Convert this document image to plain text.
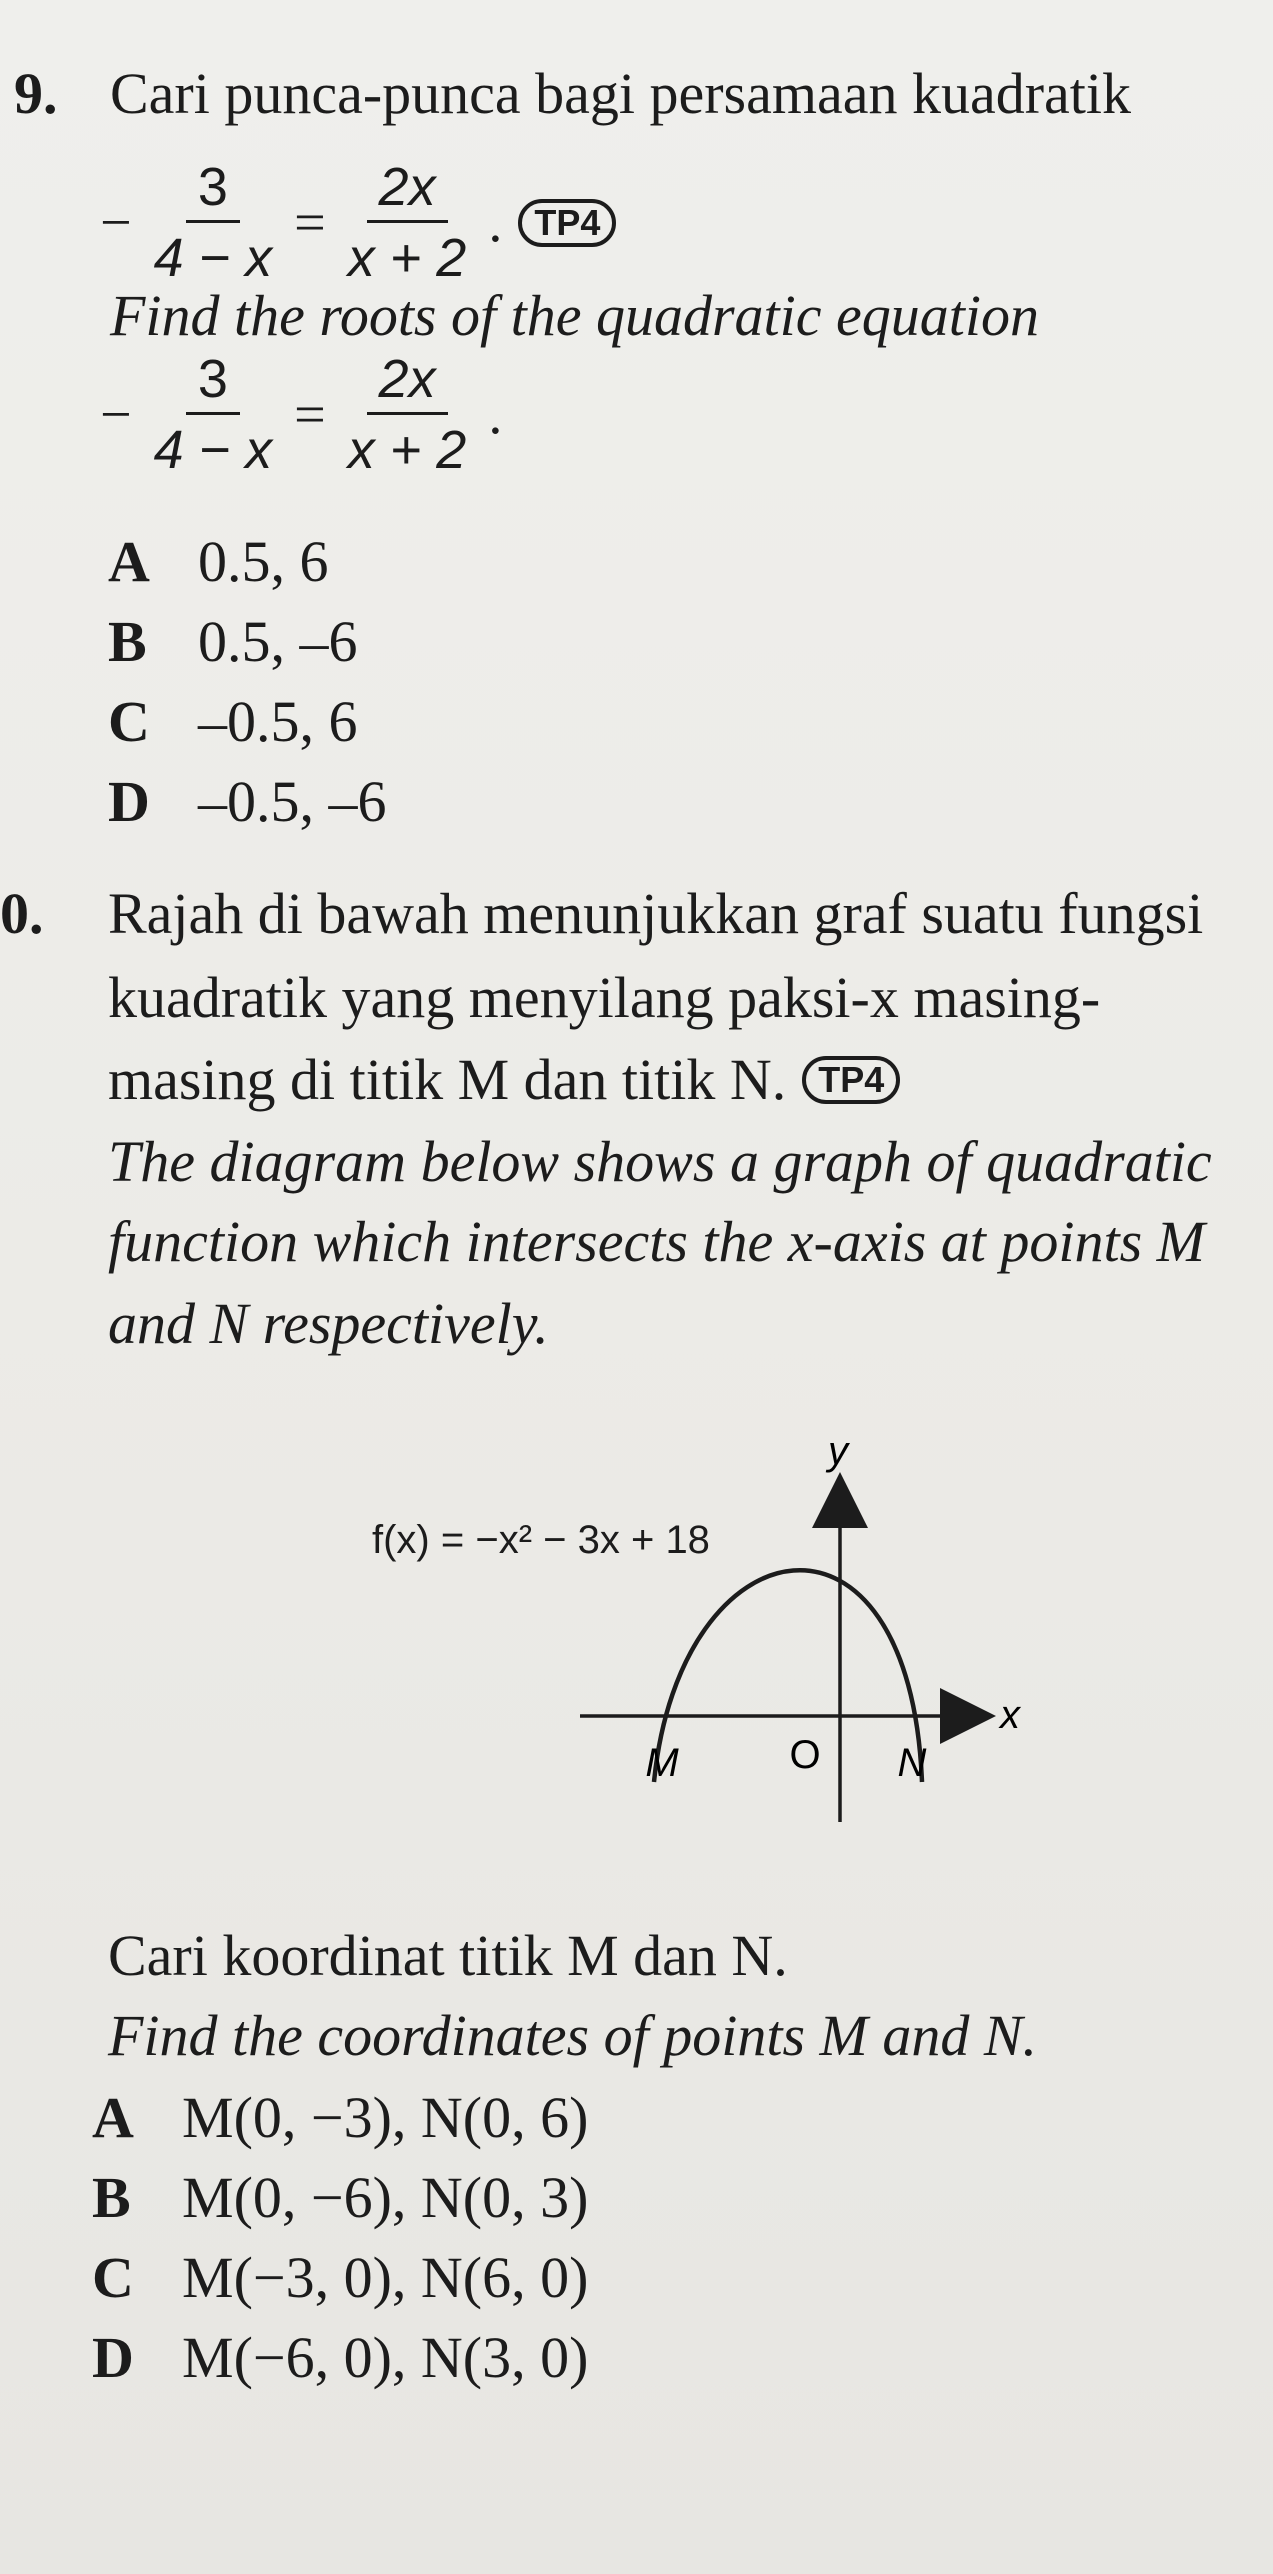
9. Cari punca-punca bagi persamaan kuadratik
− $\frac{3}{4 - x} = \frac{2x}{x + 2}$ . TP4
Find the roots of the quadratic equation
− $\frac{3}{4 - x} = \frac{2x}{x + 2}$ .
A 0.5, 6
B 0.5, –6
C –0.5, 6
D –0.5, –6
0. Rajah di bawah menunjukkan graf suatu fungsi
kuadratik yang menyilang paksi-x masing-
masing di titik M dan titik N. TP4
The diagram below shows a graph of quadratic
function which intersects the x-axis at points M
and N respectively.
y
x
M	O N
f(x) = −x² − 3x + 18
Cari koordinat titik M dan N.
Find the coordinates of points M and N.
A M(0, −3), N(0, 6)
B M(0, −6), N(0, 3)
C M(−3, 0), N(6, 0)
D M(−6, 0), N(3, 0)
